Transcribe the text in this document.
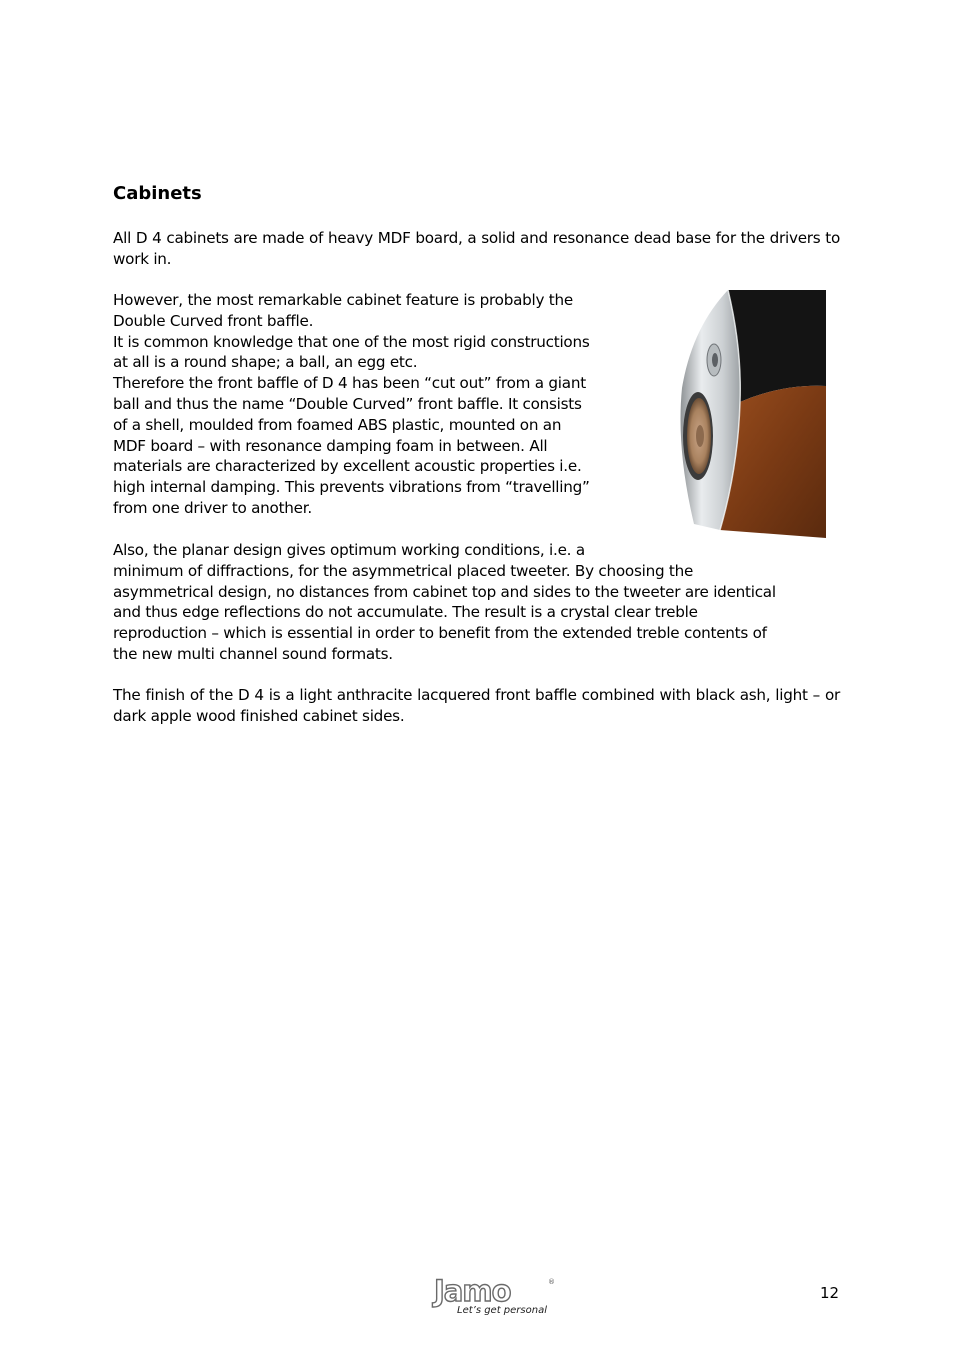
Cabinets

All D 4 cabinets are made of heavy MDF board, a solid and resonance dead base for the drivers to work in.

However, the most remarkable cabinet feature is probably the
Double Curved front baffle.
It is common knowledge that one of the most rigid constructions
at all is a round shape; a ball, an egg etc.
Therefore the front baffle of D 4 has been “cut out” from a giant
ball and thus the name “Double Curved” front baffle. It consists
of a shell, moulded from foamed ABS plastic, mounted on an
MDF board – with resonance damping foam in between. All
materials are characterized by excellent acoustic properties i.e.
high internal damping. This prevents vibrations from “travelling”
from one driver to another.

Also, the planar design gives optimum working conditions, i.e. a
minimum of diffractions, for the asymmetrical placed tweeter. By choosing the
asymmetrical design, no distances from cabinet top and sides to the tweeter are identical
and thus edge reflections do not accumulate. The result is a crystal clear treble
reproduction – which is essential in order to benefit from the extended treble contents of
the new multi channel sound formats.

The finish of the D 4 is a light anthracite lacquered front baffle combined with black ash, light – or dark apple wood finished cabinet sides.

Jamo	®
Let’s get personal
12
